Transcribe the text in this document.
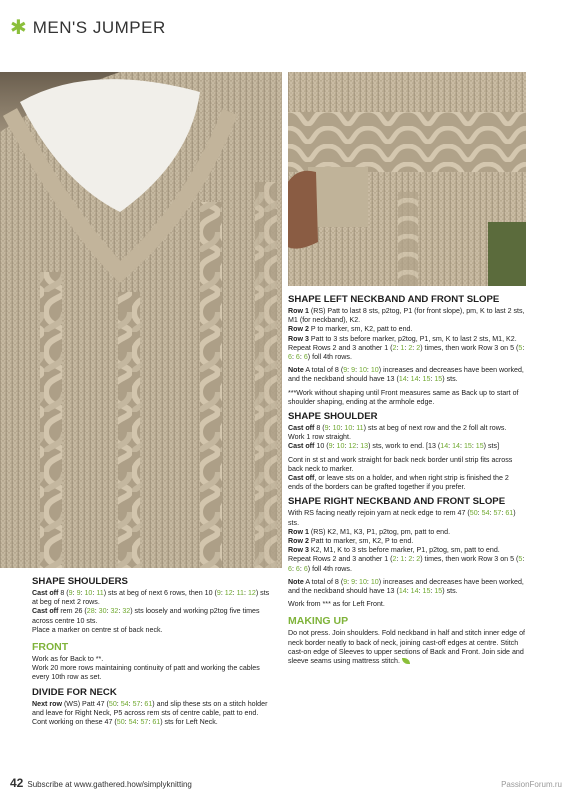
✱ MEN'S JUMPER
SHAPE SHOULDERS

Cast off 8 (9: 9: 10: 11) sts at beg of next 6 rows, then 10 (9: 12: 11: 12) sts at beg of next 2 rows.
Cast off rem 26 (28: 30: 32: 32) sts loosely and working p2tog five times across centre 10 sts.
Place a marker on centre st of back neck.

FRONT

Work as for Back to **.
Work 20 more rows maintaining continuity of patt and working the cables every 10th row as set.

DIVIDE FOR NECK

Next row (WS) Patt 47 (50: 54: 57: 61) and slip these sts on a stitch holder and leave for Right Neck, P5 across rem sts of centre cable, patt to end.
Cont working on these 47 (50: 54: 57: 61) sts for Left Neck.

SHAPE LEFT NECKBAND AND FRONT SLOPE

Row 1 (RS) Patt to last 8 sts, p2tog, P1 (for front slope), pm, K to last 2 sts, M1 (for neckband), K2.
Row 2 P to marker, sm, K2, patt to end.
Row 3 Patt to 3 sts before marker, p2tog, P1, sm, K to last 2 sts, M1, K2.
Repeat Rows 2 and 3 another 1 (2: 1: 2: 2) times, then work Row 3 on 5 (5: 6: 6: 6) foll 4th rows.

Note A total of 8 (9: 9: 10: 10) increases and decreases have been worked, and the neckband should have 13 (14: 14: 15: 15) sts.

***Work without shaping until Front measures same as Back up to start of shoulder shaping, ending at the armhole edge.

SHAPE SHOULDER

Cast off 8 (9: 10: 10: 11) sts at beg of next row and the 2 foll alt rows.
Work 1 row straight.
Cast off 10 (9: 10: 12: 13) sts, work to end. [13 (14: 14: 15: 15) sts]

Cont in st st and work straight for back neck border until strip fits across back neck to marker.
Cast off, or leave sts on a holder, and when right strip is finished the 2 ends of the borders can be grafted together if you prefer.

SHAPE RIGHT NECKBAND AND FRONT SLOPE

With RS facing neatly rejoin yarn at neck edge to rem 47 (50: 54: 57: 61) sts.
Row 1 (RS) K2, M1, K3, P1, p2tog, pm, patt to end.
Row 2 Patt to marker, sm, K2, P to end.
Row 3 K2, M1, K to 3 sts before marker, P1, p2tog, sm, patt to end.
Repeat Rows 2 and 3 another 1 (2: 1: 2: 2) times, then work Row 3 on 5 (5: 6: 6: 6) foll 4th rows.

Note A total of 8 (9: 9: 10: 10) increases and decreases have been worked, and the neckband should have 13 (14: 14: 15: 15) sts.

Work from *** as for Left Front.

MAKING UP

Do not press. Join shoulders. Fold neckband in half and stitch inner edge of neck border neatly to back of neck, joining cast-off edges at centre. Stitch cast-on edge of Sleeves to upper sections of Back and Front. Join side and sleeve seams using mattress stitch.

42 Subscribe at www.gathered.how/simplyknitting	PassionForum.ru
